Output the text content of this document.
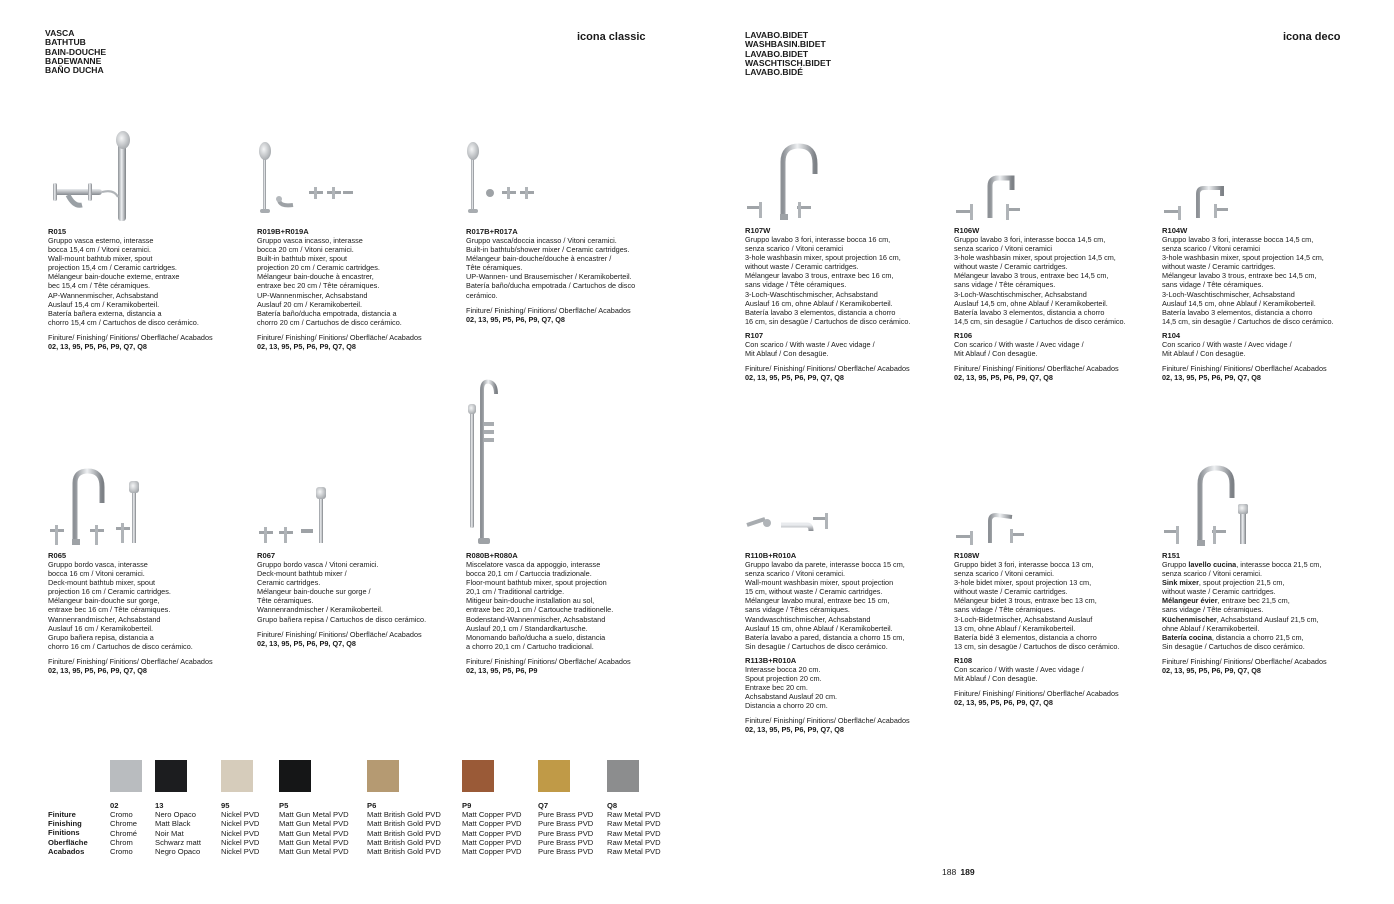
VASCA
BATHTUB
BAIN-DOUCHE
BADEWANNE
BAÑO DUCHA
icona classic	LAVABO.BIDET
WASHBASIN.BIDET
LAVABO.BIDET
WASCHTISCH.BIDET
LAVABO.BIDÉ
icona deco
R015
Gruppo vasca esterno, interasse
bocca 15,4 cm / Vitoni ceramici.
Wall-mount bathtub mixer, spout
projection 15,4 cm / Ceramic cartridges.
Mélangeur bain-douche externe, entraxe
bec 15,4 cm / Tête céramiques.
AP-Wannenmischer, Achsabstand
Auslauf 15,4 cm / Keramikoberteil.
Batería bañera externa, distancia a
chorro 15,4 cm / Cartuchos de disco cerámico.
Finiture/ Finishing/ Finitions/ Oberfläche/ Acabados
02, 13, 95, P5, P6, P9, Q7, Q8
R019B+R019A
Gruppo vasca incasso, interasse
bocca 20 cm / Vitoni ceramici.
Built-in bathtub mixer, spout
projection 20 cm / Ceramic cartridges.
Mélangeur bain-douche à encastrer,
entraxe bec 20 cm / Tête céramiques.
UP-Wannenmischer, Achsabstand
Auslauf 20 cm / Keramikoberteil.
Batería baño/ducha empotrada, distancia a
chorro 20 cm / Cartuchos de disco cerámico.
Finiture/ Finishing/ Finitions/ Oberfläche/ Acabados
02, 13, 95, P5, P6, P9, Q7, Q8
R017B+R017A
Gruppo vasca/doccia incasso / Vitoni ceramici.
Built-in bathtub/shower mixer / Ceramic cartridges.
Mélangeur bain-douche/douche à encastrer /
Tête céramiques.
UP-Wannen- und Brausemischer / Keramikoberteil.
Batería baño/ducha empotrada / Cartuchos de disco
cerámico.
Finiture/ Finishing/ Finitions/ Oberfläche/ Acabados
02, 13, 95, P5, P6, P9, Q7, Q8
R065
Gruppo bordo vasca, interasse
bocca 16 cm / Vitoni ceramici.
Deck-mount bathtub mixer, spout
projection 16 cm / Ceramic cartridges.
Mélangeur bain-douche sur gorge,
entraxe bec 16 cm / Tête céramiques.
Wannenrandmischer, Achsabstand
Auslauf 16 cm / Keramikoberteil.
Grupo bañera repisa, distancia a
chorro 16 cm / Cartuchos de disco cerámico.
Finiture/ Finishing/ Finitions/ Oberfläche/ Acabados
02, 13, 95, P5, P6, P9, Q7, Q8
R067
Gruppo bordo vasca / Vitoni ceramici.
Deck-mount bathtub mixer /
Ceramic cartridges.
Mélangeur bain-douche sur gorge /
Tête céramiques.
Wannenrandmischer / Keramikoberteil.
Grupo bañera repisa / Cartuchos de disco cerámico.
Finiture/ Finishing/ Finitions/ Oberfläche/ Acabados
02, 13, 95, P5, P6, P9, Q7, Q8
R080B+R080A
Miscelatore vasca da appoggio, interasse
bocca 20,1 cm / Cartuccia tradizionale.
Floor-mount bathtub mixer, spout projection
20,1 cm / Traditional cartridge.
Mitigeur bain-douche installation au sol,
entraxe bec 20,1 cm / Cartouche traditionelle.
Bodenstand-Wannenmischer, Achsabstand
Auslauf 20,1 cm / Standardkartusche.
Monomando baño/ducha a suelo, distancia
a chorro 20,1 cm / Cartucho tradicional.
Finiture/ Finishing/ Finitions/ Oberfläche/ Acabados
02, 13, 95, P5, P6, P9
R107W
Gruppo lavabo 3 fori, interasse bocca 16 cm,
senza scarico / Vitoni ceramici
3-hole washbasin mixer, spout projection 16 cm,
without waste / Ceramic cartridges.
Mélangeur lavabo 3 trous, entraxe bec 16 cm,
sans vidage / Tête céramiques.
3-Loch-Waschtischmischer, Achsabstand
Auslauf 16 cm, ohne Ablauf / Keramikoberteil.
Batería lavabo 3 elementos, distancia a chorro
16 cm, sin desagüe / Cartuchos de disco cerámico.
R107
Con scarico / With waste / Avec vidage /
Mit Ablauf / Con desagüe.
Finiture/ Finishing/ Finitions/ Oberfläche/ Acabados
02, 13, 95, P5, P6, P9, Q7, Q8
R106W
Gruppo lavabo 3 fori, interasse bocca 14,5 cm,
senza scarico / Vitoni ceramici
3-hole washbasin mixer, spout projection 14,5 cm,
without waste / Ceramic cartridges.
Mélangeur lavabo 3 trous, entraxe bec 14,5 cm,
sans vidage / Tête céramiques.
3-Loch-Waschtischmischer, Achsabstand
Auslauf 14,5 cm, ohne Ablauf / Keramikoberteil.
Batería lavabo 3 elementos, distancia a chorro
14,5 cm, sin desagüe / Cartuchos de disco cerámico.
R106
Con scarico / With waste / Avec vidage /
Mit Ablauf / Con desagüe.
Finiture/ Finishing/ Finitions/ Oberfläche/ Acabados
02, 13, 95, P5, P6, P9, Q7, Q8
R104W
Gruppo lavabo 3 fori, interasse bocca 14,5 cm,
senza scarico / Vitoni ceramici
3-hole washbasin mixer, spout projection 14,5 cm,
without waste / Ceramic cartridges.
Mélangeur lavabo 3 trous, entraxe bec 14,5 cm,
sans vidage / Tête céramiques.
3-Loch-Waschtischmischer, Achsabstand
Auslauf 14,5 cm, ohne Ablauf / Keramikoberteil.
Batería lavabo 3 elementos, distancia a chorro
14,5 cm, sin desagüe / Cartuchos de disco cerámico.
R104
Con scarico / With waste / Avec vidage /
Mit Ablauf / Con desagüe.
Finiture/ Finishing/ Finitions/ Oberfläche/ Acabados
02, 13, 95, P5, P6, P9, Q7, Q8
R110B+R010A
Gruppo lavabo da parete, interasse bocca 15 cm,
senza scarico / Vitoni ceramici.
Wall-mount washbasin mixer, spout projection
15 cm, without waste / Ceramic cartridges.
Mélangeur lavabo mural, entraxe bec 15 cm,
sans vidage / Têtes céramiques.
Wandwaschtischmischer, Achsabstand
Auslauf 15 cm, ohne Ablauf / Keramikoberteil.
Batería lavabo a pared, distancia a chorro 15 cm,
Sin desagüe / Cartuchos de disco cerámico.
R113B+R010A
Interasse bocca 20 cm.
Spout projection 20 cm.
Entraxe bec 20 cm.
Achsabstand Auslauf 20 cm.
Distancia a chorro 20 cm.
Finiture/ Finishing/ Finitions/ Oberfläche/ Acabados
02, 13, 95, P5, P6, P9, Q7, Q8
R108W
Gruppo bidet 3 fori, interasse bocca 13 cm,
senza scarico / Vitoni ceramici.
3-hole bidet mixer, spout projection 13 cm,
without waste / Ceramic cartridges.
Mélangeur bidet 3 trous, entraxe bec 13 cm,
sans vidage / Tête céramiques.
3-Loch-Bidetmischer, Achsabstand Auslauf
13 cm, ohne Ablauf / Keramikoberteil.
Batería bidé 3 elementos, distancia a chorro
13 cm, sin desagüe / Cartuchos de disco cerámico.
R108
Con scarico / With waste / Avec vidage /
Mit Ablauf / Con desagüe.
Finiture/ Finishing/ Finitions/ Oberfläche/ Acabados
02, 13, 95, P5, P6, P9, Q7, Q8
R151
Gruppo lavello cucina, interasse bocca 21,5 cm,
senza scarico / Vitoni ceramici.
Sink mixer, spout projection 21,5 cm,
without waste / Ceramic cartridges.
Mélangeur évier, entraxe bec 21,5 cm,
sans vidage / Tête céramiques.
Küchenmischer, Achsabstand Auslauf 21,5 cm,
ohne Ablauf / Keramikoberteil.
Batería cocina, distancia a chorro 21,5 cm,
Sin desagüe / Cartuchos de disco cerámico.
Finiture/ Finishing/ Finitions/ Oberfläche/ Acabados
02, 13, 95, P5, P6, P9, Q7, Q8
Finiture
Finishing
Finitions
Oberfläche
Acabados
02
Cromo
Chrome
Chromé
Chrom
Cromo
13
Nero Opaco
Matt Black
Noir Mat
Schwarz matt
Negro Opaco
95
Nickel PVD
Nickel PVD
Nickel PVD
Nickel PVD
Nickel PVD
P5
Matt Gun Metal PVD
Matt Gun Metal PVD
Matt Gun Metal PVD
Matt Gun Metal PVD
Matt Gun Metal PVD
P6
Matt British Gold PVD
Matt British Gold PVD
Matt British Gold PVD
Matt British Gold PVD
Matt British Gold PVD
P9
Matt Copper PVD
Matt Copper PVD
Matt Copper PVD
Matt Copper PVD
Matt Copper PVD
Q7
Pure Brass PVD
Pure Brass PVD
Pure Brass PVD
Pure Brass PVD
Pure Brass PVD
Q8
Raw Metal PVD
Raw Metal PVD
Raw Metal PVD
Raw Metal PVD
Raw Metal PVD
188 189
